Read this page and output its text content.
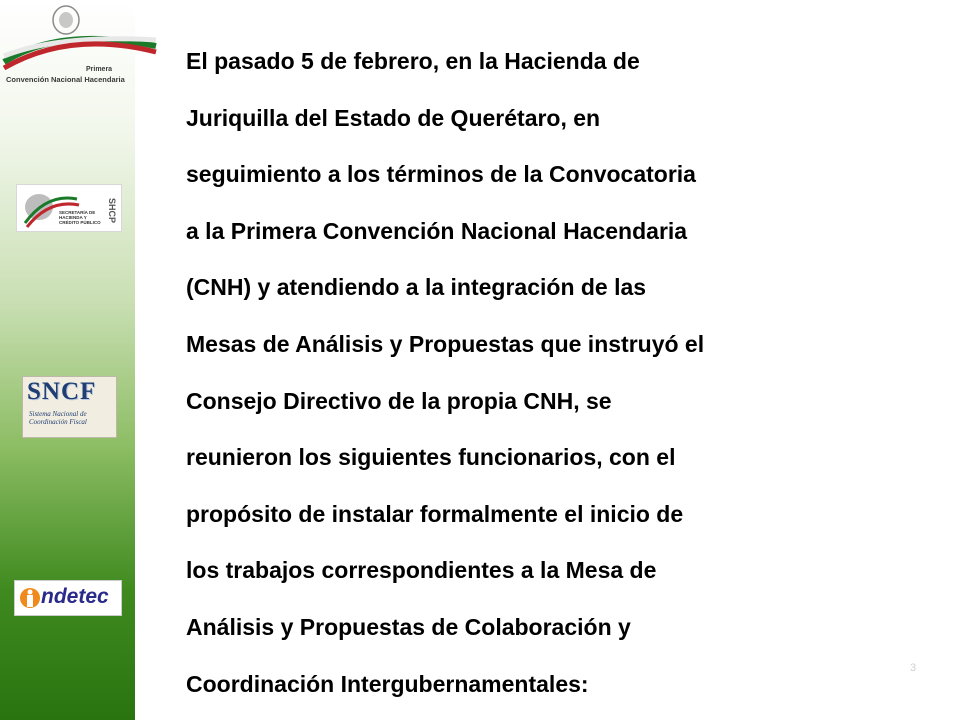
Primera
Convención Nacional Hacendaria
SECRETARÍA DE
HACIENDA Y
CRÉDITO PÚBLICO SHCP
SNCF
Sistema Nacional de
Coordinación Fiscal
ndetec
El pasado 5 de febrero, en la Hacienda de
Juriquilla del Estado de Querétaro, en
seguimiento a los términos de la Convocatoria
a la Primera Convención Nacional Hacendaria
(CNH) y atendiendo a la integración de las
Mesas de Análisis y Propuestas que instruyó el
Consejo Directivo de la propia CNH, se
reunieron los siguientes funcionarios, con el
propósito de instalar formalmente el inicio de
los trabajos correspondientes a la Mesa de
Análisis y Propuestas de Colaboración y
Coordinación Intergubernamentales:
3
